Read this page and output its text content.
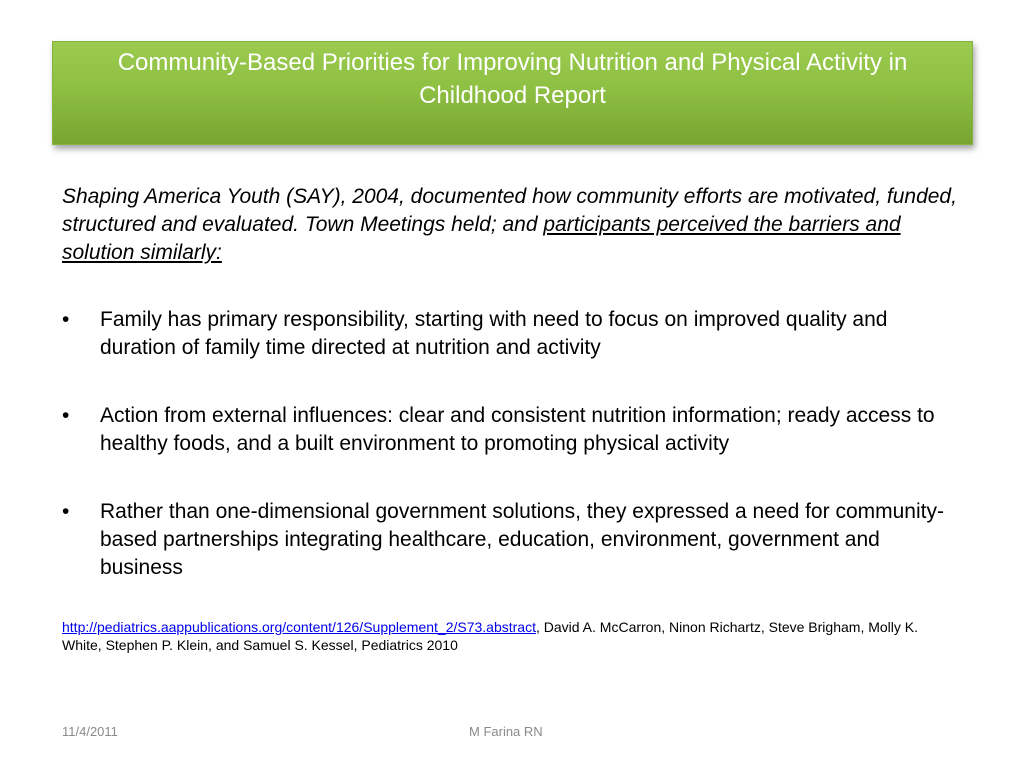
Community-Based Priorities for Improving Nutrition and Physical Activity in Childhood Report
Shaping America Youth (SAY), 2004, documented how community efforts are motivated, funded, structured and evaluated. Town Meetings held; and participants perceived the barriers and solution similarly:
•	Family has primary responsibility, starting with need to focus on improved quality and duration of family time directed at nutrition and activity
•	Action from external influences: clear and consistent nutrition information; ready access to healthy foods, and a built environment to promoting physical activity
•	Rather than one-dimensional government solutions, they expressed a need for community-based partnerships integrating healthcare, education, environment, government and business
http://pediatrics.aappublications.org/content/126/Supplement_2/S73.abstract, David A. McCarron, Ninon Richartz, Steve Brigham, Molly K. White, Stephen P. Klein, and Samuel S. Kessel, Pediatrics 2010
11/4/2011	M Farina RN
